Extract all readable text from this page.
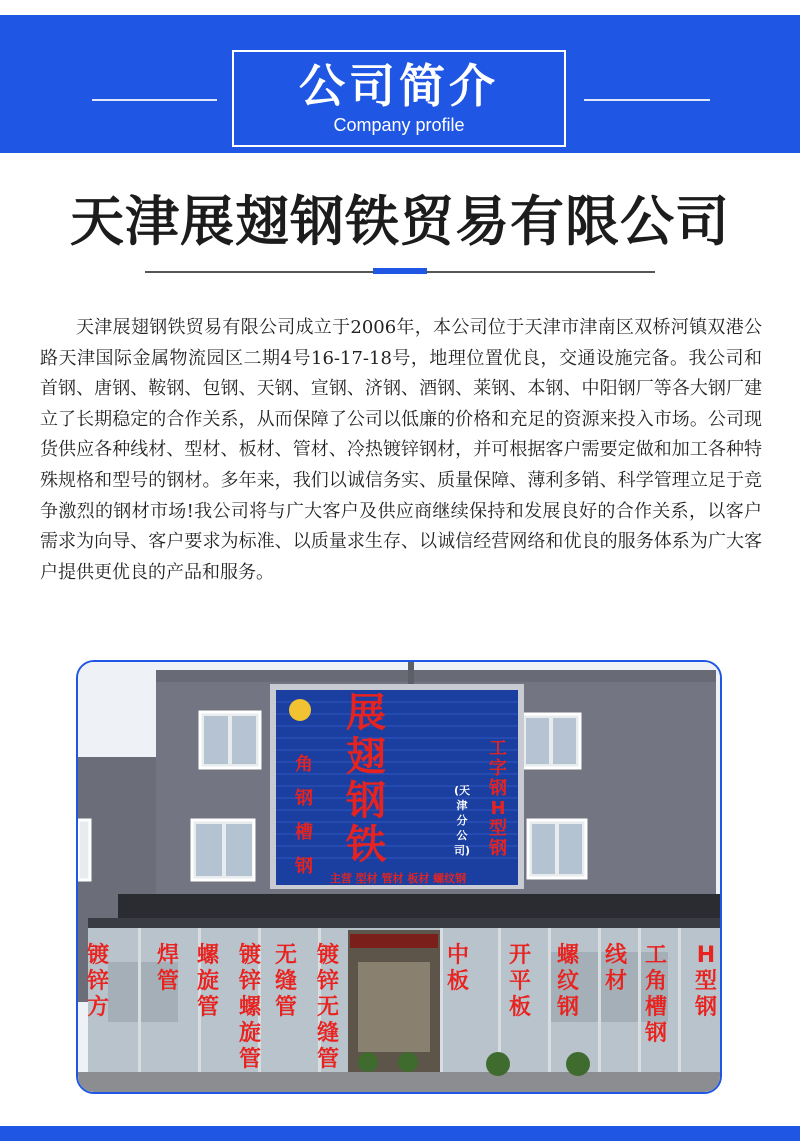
公司简介
Company profile
天津展翅钢铁贸易有限公司

天津展翅钢铁贸易有限公司成立于2006年，本公司位于天津市津南区双桥河镇双港公路天津国际金属物流园区二期4号16-17-18号，地理位置优良，交通设施完备。我公司和首钢、唐钢、鞍钢、包钢、天钢、宣钢、济钢、酒钢、莱钢、本钢、中阳钢厂等各大钢厂建立了长期稳定的合作关系，从而保障了公司以低廉的价格和充足的资源来投入市场。公司现货供应各种线材、型材、板材、管材、冷热镀锌钢材，并可根据客户需要定做和加工各种特殊规格和型号的钢材。多年来，我们以诚信务实、质量保障、薄利多销、科学管理立足于竞争激烈的钢材市场!我公司将与广大客户及供应商继续保持和发展良好的合作关系，以客户需求为向导、客户要求为标准、以质量求生存、以诚信经营网络和优良的服务体系为广大客户提供更优良的产品和服务。

展
翅
钢
铁
角
钢
槽
钢
工
字
钢
H
型
钢
(天
津
分
公
司)
主营 型材 管材 板材 螺纹钢
镀
锌
方
焊
管
螺
旋
管
镀
锌
螺
旋
管
无
缝
管
镀
锌
无
缝
管
中
板
开
平
板
螺
纹
钢
线
材
工
角
槽
钢
H
型
钢
